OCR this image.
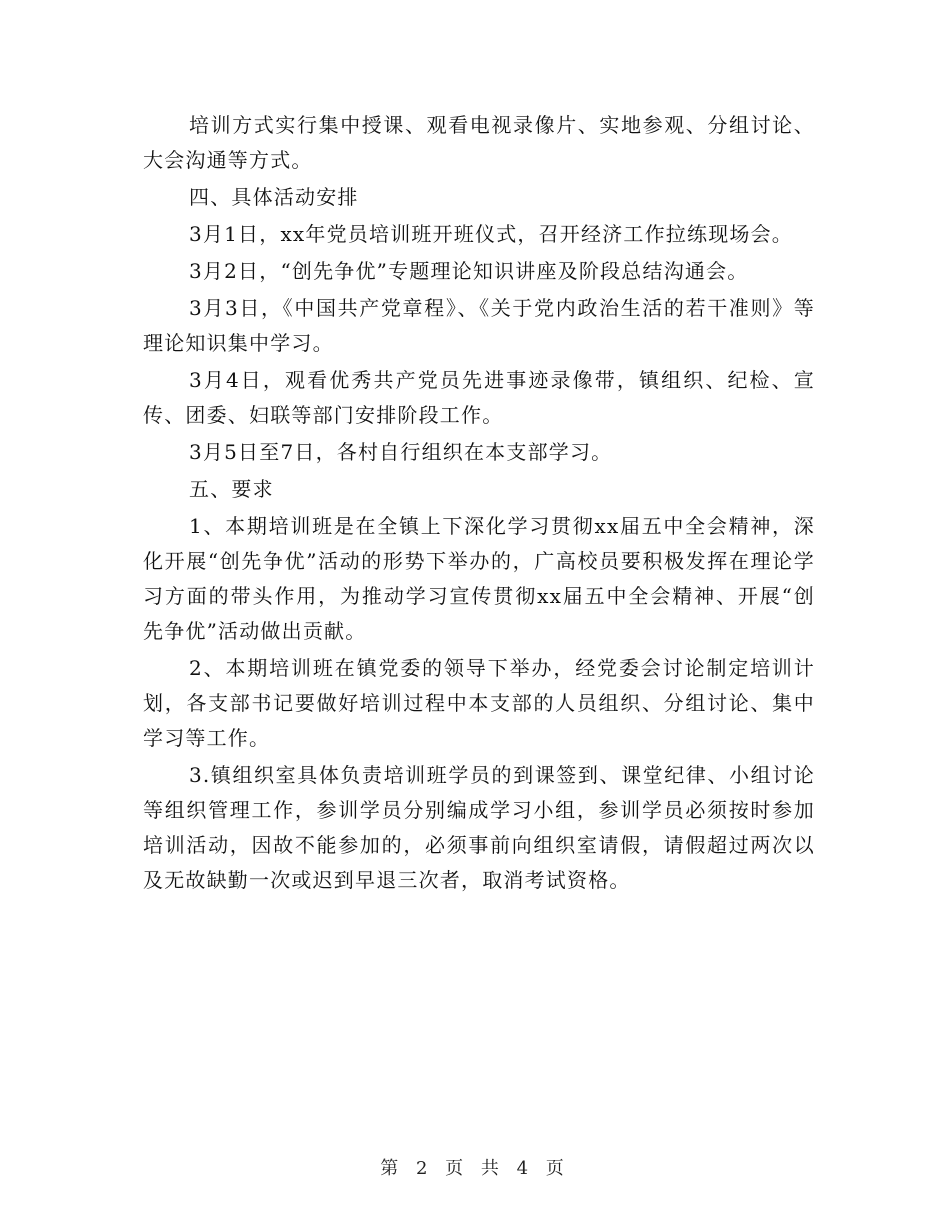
培训方式实行集中授课、观看电视录像片、实地参观、分组讨论、大会沟通等方式。

四、具体活动安排

3月1日，xx年党员培训班开班仪式，召开经济工作拉练现场会。

3月2日，“创先争优”专题理论知识讲座及阶段总结沟通会。

3月3日，《中国共产党章程》、《关于党内政治生活的若干准则》等理论知识集中学习。

3月4日，观看优秀共产党员先进事迹录像带，镇组织、纪检、宣传、团委、妇联等部门安排阶段工作。

3月5日至7日，各村自行组织在本支部学习。

五、要求

1、本期培训班是在全镇上下深化学习贯彻xx届五中全会精神，深化开展“创先争优”活动的形势下举办的，广高校员要积极发挥在理论学习方面的带头作用，为推动学习宣传贯彻xx届五中全会精神、开展“创先争优”活动做出贡献。

2、本期培训班在镇党委的领导下举办，经党委会讨论制定培训计划，各支部书记要做好培训过程中本支部的人员组织、分组讨论、集中学习等工作。

3.镇组织室具体负责培训班学员的到课签到、课堂纪律、小组讨论等组织管理工作，参训学员分别编成学习小组，参训学员必须按时参加培训活动，因故不能参加的，必须事前向组织室请假，请假超过两次以及无故缺勤一次或迟到早退三次者，取消考试资格。

第 2 页 共 4 页
